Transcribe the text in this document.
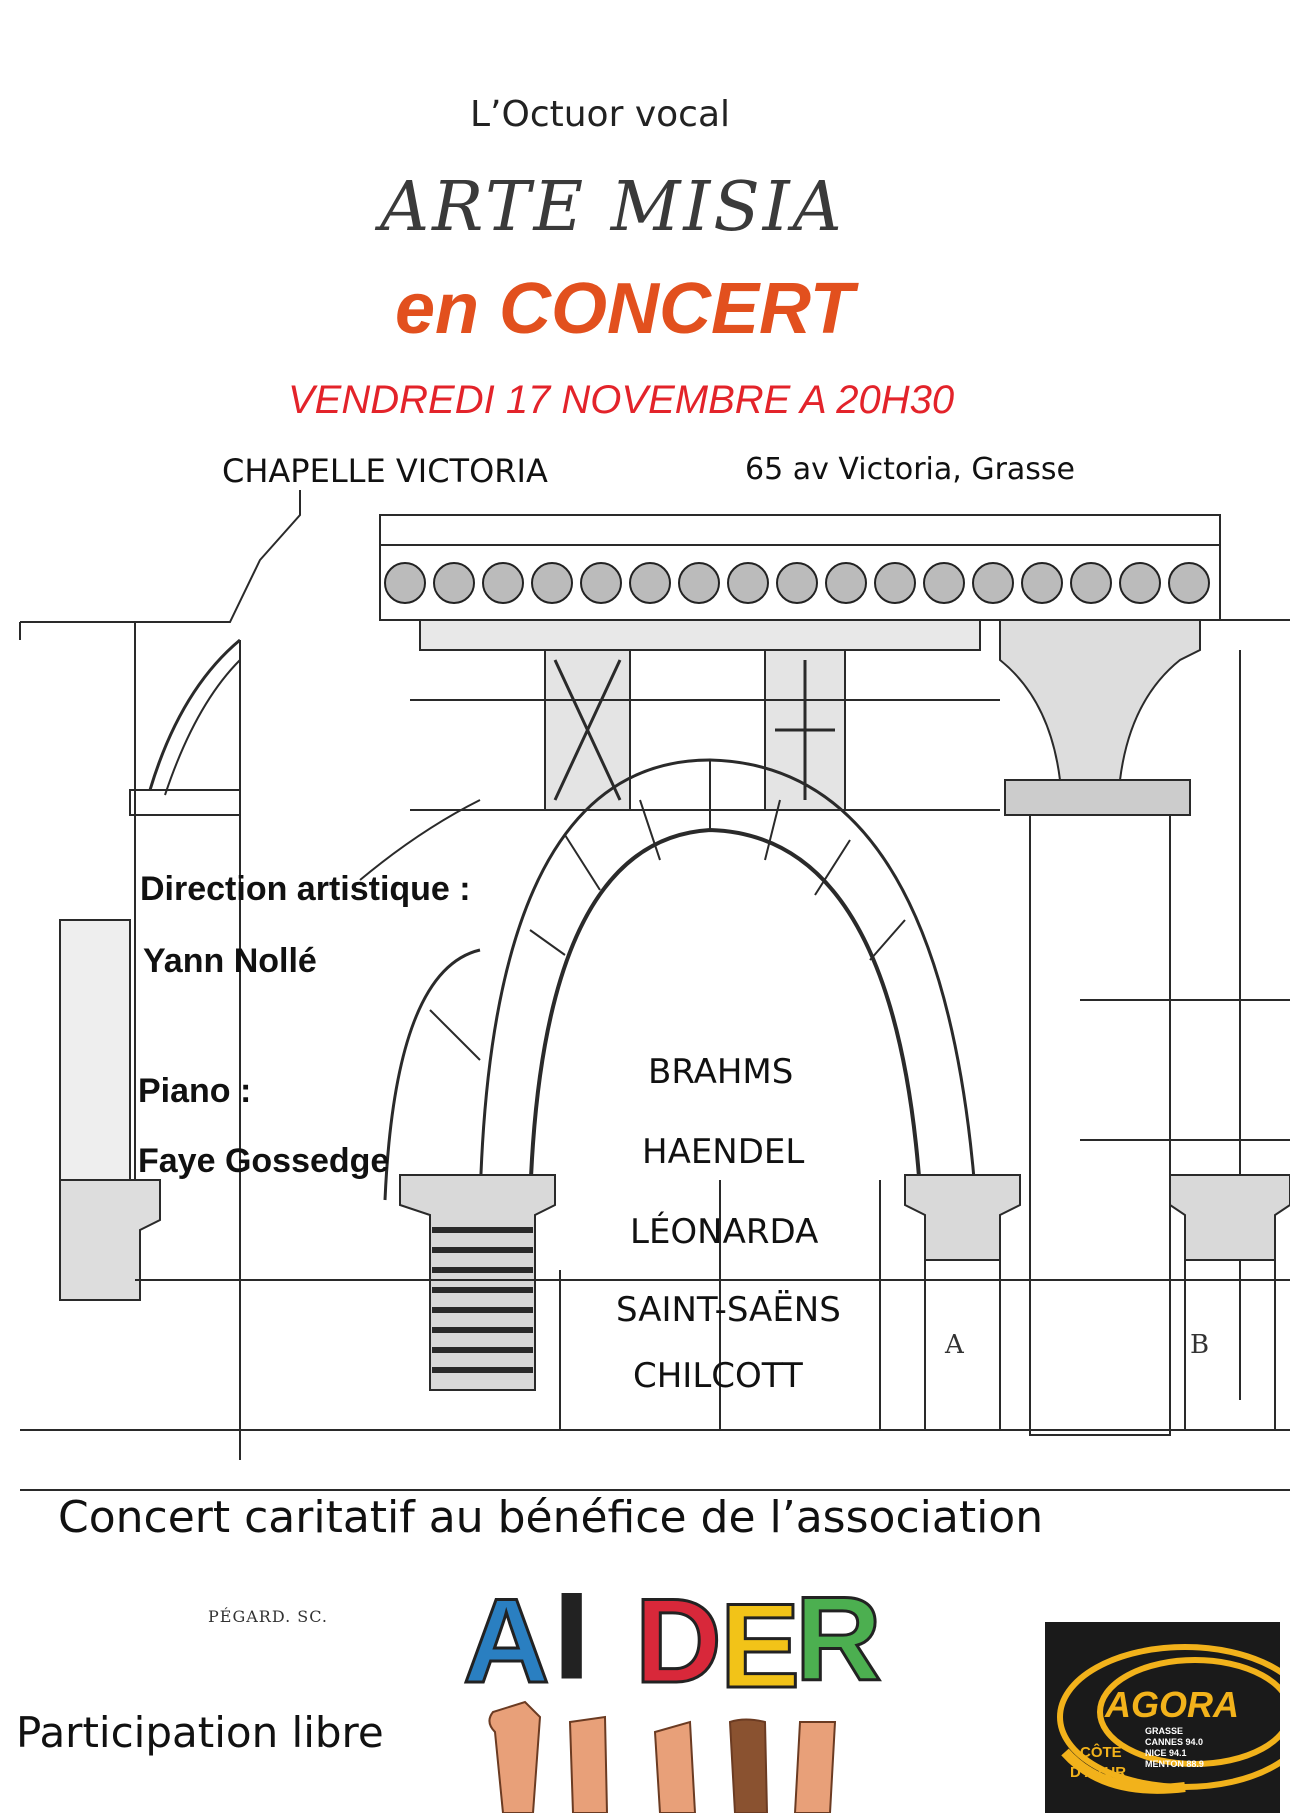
L’Octuor vocal
ARTE MISIA
en CONCERT
VENDREDI 17 NOVEMBRE A 20H30
CHAPELLE VICTORIA	65 av Victoria, Grasse
Direction artistique :
Yann Nollé
Piano :
Faye Gossedge
BRAHMS
HAENDEL
LÉONARDA
SAINT-SAËNS
CHILCOTT
PÉGARD. SC.
A	B
Concert caritatif au bénéfice de l’association
Participation libre
A I D
E
R	AGORA
CÔTE
D'AZUR
GRASSE
CANNES 94.0
NICE 94.1
MENTON 88.9
